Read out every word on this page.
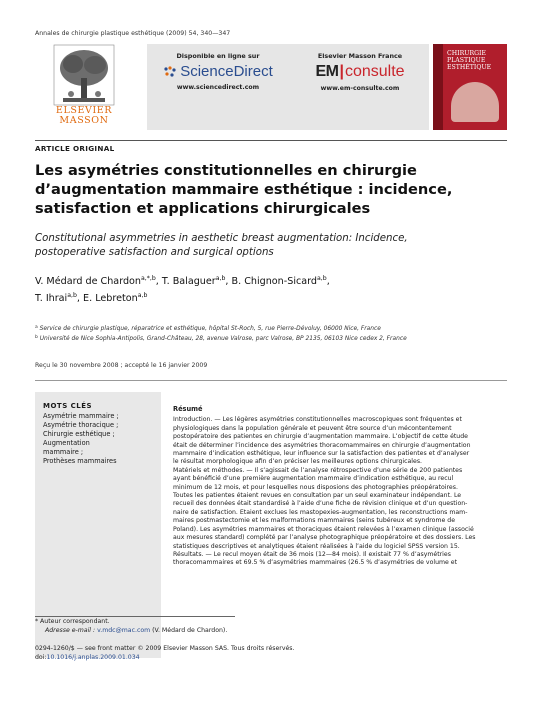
Annales de chirurgie plastique esthétique (2009) 54, 340—347
ELSEVIER
MASSON
Disponible en ligne sur
ScienceDirect
www.sciencedirect.com
Elsevier Masson France
EM|consulte
www.em-consulte.com
CHIRURGIE
PLASTIQUE
ESTHÉTIQUE
ARTICLE ORIGINAL
Les asymétries constitutionnelles en chirurgie
d’augmentation mammaire esthétique : incidence,
satisfaction et applications chirurgicales
Constitutional asymmetries in aesthetic breast augmentation: Incidence,
postoperative satisfaction and surgical options
V. Médard de Chardon$^{a,*,b}$, T. Balaguer$^{a,b}$, B. Chignon-Sicard$^{a,b}$,
T. Ihrai$^{a,b}$, E. Lebreton$^{a,b}$
$^a$ Service de chirurgie plastique, réparatrice et esthétique, hôpital St-Roch, 5, rue Pierre-Dévoluy, 06000 Nice, France
$^b$ Université de Nice Sophia-Antipolis, Grand-Château, 28, avenue Valrose, parc Valrose, BP 2135, 06103 Nice cedex 2, France
Reçu le 30 novembre 2008 ; accepté le 16 janvier 2009
MOTS CLÉS
Asymétrie mammaire ;
Asymétrie thoracique ;
Chirurgie esthétique ;
Augmentation
mammaire ;
Prothèses mammaires
Résumé
Introduction. — Les légères asymétries constitutionnelles macroscopiques sont fréquentes et
physiologiques dans la population générale et peuvent être source d’un mécontentement
postopératoire des patientes en chirurgie d’augmentation mammaire. L’objectif de cette étude
était de déterminer l’incidence des asymétries thoracomammaires en chirurgie d’augmentation
mammaire d’indication esthétique, leur influence sur la satisfaction des patientes et d’analyser
le résultat morphologique afin d’en préciser les meilleures options chirurgicales.
Matériels et méthodes. — Il s’agissait de l’analyse rétrospective d’une série de 200 patientes
ayant bénéficié d’une première augmentation mammaire d’indication esthétique, au recul
minimum de 12 mois, et pour lesquelles nous disposions des photographies préopératoires.
Toutes les patientes étaient revues en consultation par un seul examinateur indépendant. Le
recueil des données était standardisé à l’aide d’une fiche de révision clinique et d’un question-
naire de satisfaction. Étaient exclues les mastopexies-augmentation, les reconstructions mam-
maires postmastectomie et les malformations mammaires (seins tubéreux et syndrome de
Poland). Les asymétries mammaires et thoraciques étaient relevées à l’examen clinique (associé
aux mesures standard) complété par l’analyse photographique préopératoire et des dossiers. Les
statistiques descriptives et analytiques étaient réalisées à l’aide du logiciel SPSS version 15.
Résultats. — Le recul moyen était de 36 mois (12—84 mois). Il existait 77 % d’asymétries
thoracomammaires et 69.5 % d’asymétries mammaires (26.5 % d’asymétries de volume et
* Auteur correspondant.
Adresse e-mail : v.mdc@mac.com (V. Médard de Chardon).
0294-1260/$ — see front matter © 2009 Elsevier Masson SAS. Tous droits réservés.
doi:10.1016/j.anplas.2009.01.034
